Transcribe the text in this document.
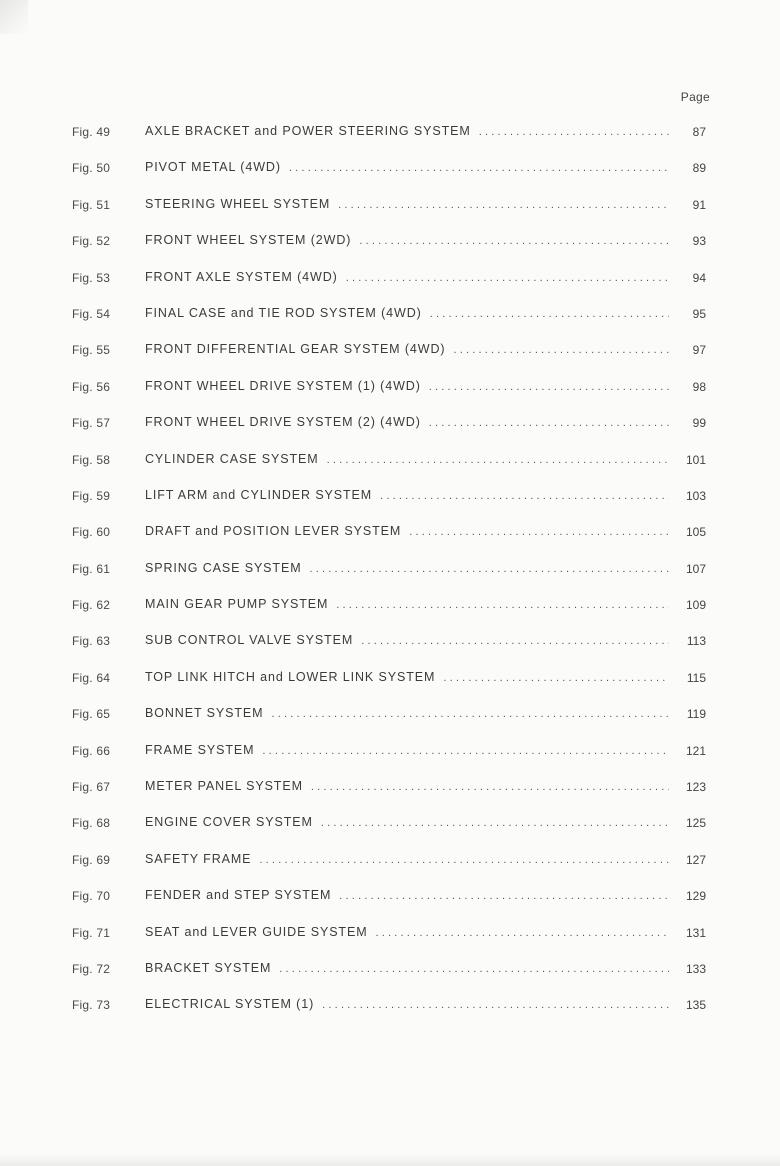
Page
Fig. 49	AXLE BRACKET and POWER STEERING SYSTEM .....	87
Fig. 50	PIVOT METAL (4WD) .....	89
Fig. 51	STEERING WHEEL SYSTEM .....	91
Fig. 52	FRONT WHEEL SYSTEM (2WD) .....	93
Fig. 53	FRONT AXLE SYSTEM (4WD) .....	94
Fig. 54	FINAL CASE and TIE ROD SYSTEM (4WD) .....	95
Fig. 55	FRONT DIFFERENTIAL GEAR SYSTEM (4WD) .....	97
Fig. 56	FRONT WHEEL DRIVE SYSTEM (1) (4WD) .....	98
Fig. 57	FRONT WHEEL DRIVE SYSTEM (2) (4WD) .....	99
Fig. 58	CYLINDER CASE SYSTEM .....	101
Fig. 59	LIFT ARM and CYLINDER SYSTEM .....	103
Fig. 60	DRAFT and POSITION LEVER SYSTEM .....	105
Fig. 61	SPRING CASE SYSTEM .....	107
Fig. 62	MAIN GEAR PUMP SYSTEM .....	109
Fig. 63	SUB CONTROL VALVE SYSTEM .....	113
Fig. 64	TOP LINK HITCH and LOWER LINK SYSTEM .....	115
Fig. 65	BONNET SYSTEM .....	119
Fig. 66	FRAME SYSTEM .....	121
Fig. 67	METER PANEL SYSTEM .....	123
Fig. 68	ENGINE COVER SYSTEM .....	125
Fig. 69	SAFETY FRAME .....	127
Fig. 70	FENDER and STEP SYSTEM .....	129
Fig. 71	SEAT and LEVER GUIDE SYSTEM .....	131
Fig. 72	BRACKET SYSTEM .....	133
Fig. 73	ELECTRICAL SYSTEM (1) .....	135
